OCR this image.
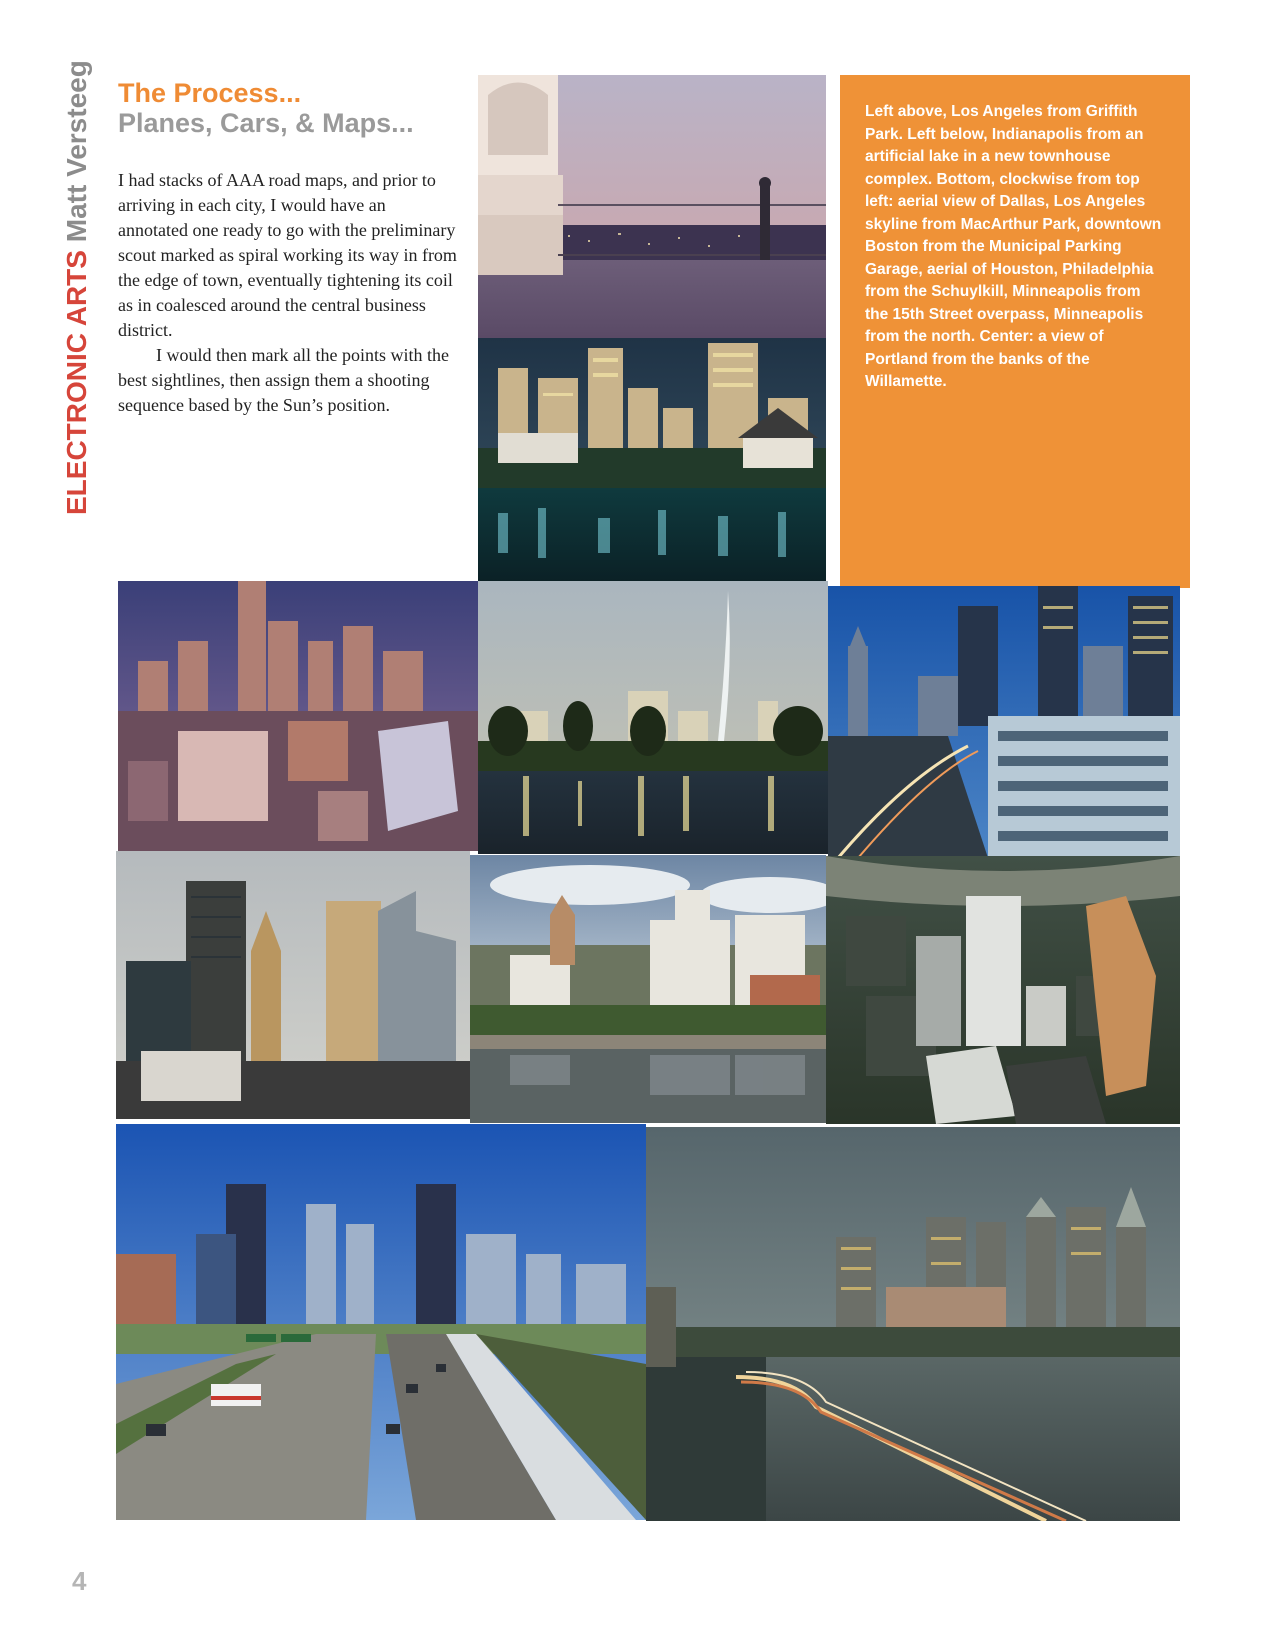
ELECTRONIC ARTS Matt Versteeg The Process...
Planes, Cars, & Maps...

I had stacks of AAA road maps, and prior to arriving in each city, I would have an annotated one ready to go with the preliminary scout marked as spiral working its way in from the edge of town, eventually tightening its coil as in coalesced around the central business district.

I would then mark all the points with the best sightlines, then assign them a shooting sequence based by the Sun’s position.

Left above, Los Angeles from Griffith Park. Left below, Indianapolis from an artificial lake in a new townhouse complex. Bottom, clockwise from top left: aerial view of Dallas, Los Angeles skyline from MacArthur Park, downtown Boston from the Municipal Parking Garage, aerial of Houston, Philadelphia from the Schuylkill, Minneapolis from the 15th Street overpass, Minneapolis from the north. Center: a view of Portland from the banks of the Willamette.

4
